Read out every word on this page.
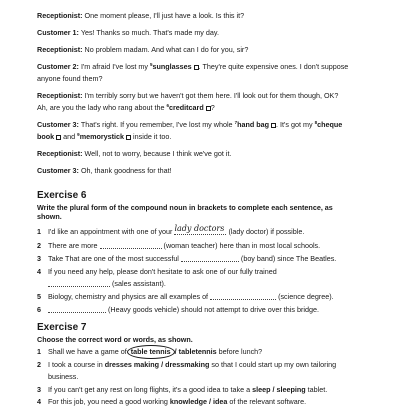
Receptionist: One moment please, I'll just have a look. Is this it?
Customer 1: Yes! Thanks so much. That's made my day.
Receptionist: No problem madam. And what can I do for you, sir?
Customer 2: I'm afraid I've lost my $^5$sunglasses . They're quite expensive ones. I don't suppose
anyone found them?
Receptionist: I'm terribly sorry but we haven't got them here. I'll look out for them though, OK?
Ah, are you the lady who rang about the $^6$creditcard ?
Customer 3: That's right. If you remember, I've lost my whole $^7$hand bag . It's got my $^8$cheque
book and $^9$memorystick inside it too.
Receptionist: Well, not to worry, because I think we've got it.
Customer 3: Oh, thank goodness for that!
Exercise 6
Write the plural form of the compound noun in brackets to complete each sentence, as
shown.
1 I'd like an appointment with one of your lady doctors (lady doctor) if possible.
2 There are more	(woman teacher) here than in most local schools.
3 Take That are one of the most successful	(boy band) since The Beatles.
4 If you need any help, please don't hesitate to ask one of our fully trained
(sales assistant).
5 Biology, chemistry and physics are all examples of	(science degree).
6	(Heavy goods vehicle) should not attempt to drive over this bridge.
Exercise 7
Choose the correct word or words, as shown.
1 Shall we have a game of table tennis / tabletennis before lunch?
2 I took a course in dresses making / dressmaking so that I could start up my own tailoring
business.
3 If you can't get any rest on long flights, it's a good idea to take a sleep / sleeping tablet.
4 For this job, you need a good working knowledge / idea of the relevant software.
